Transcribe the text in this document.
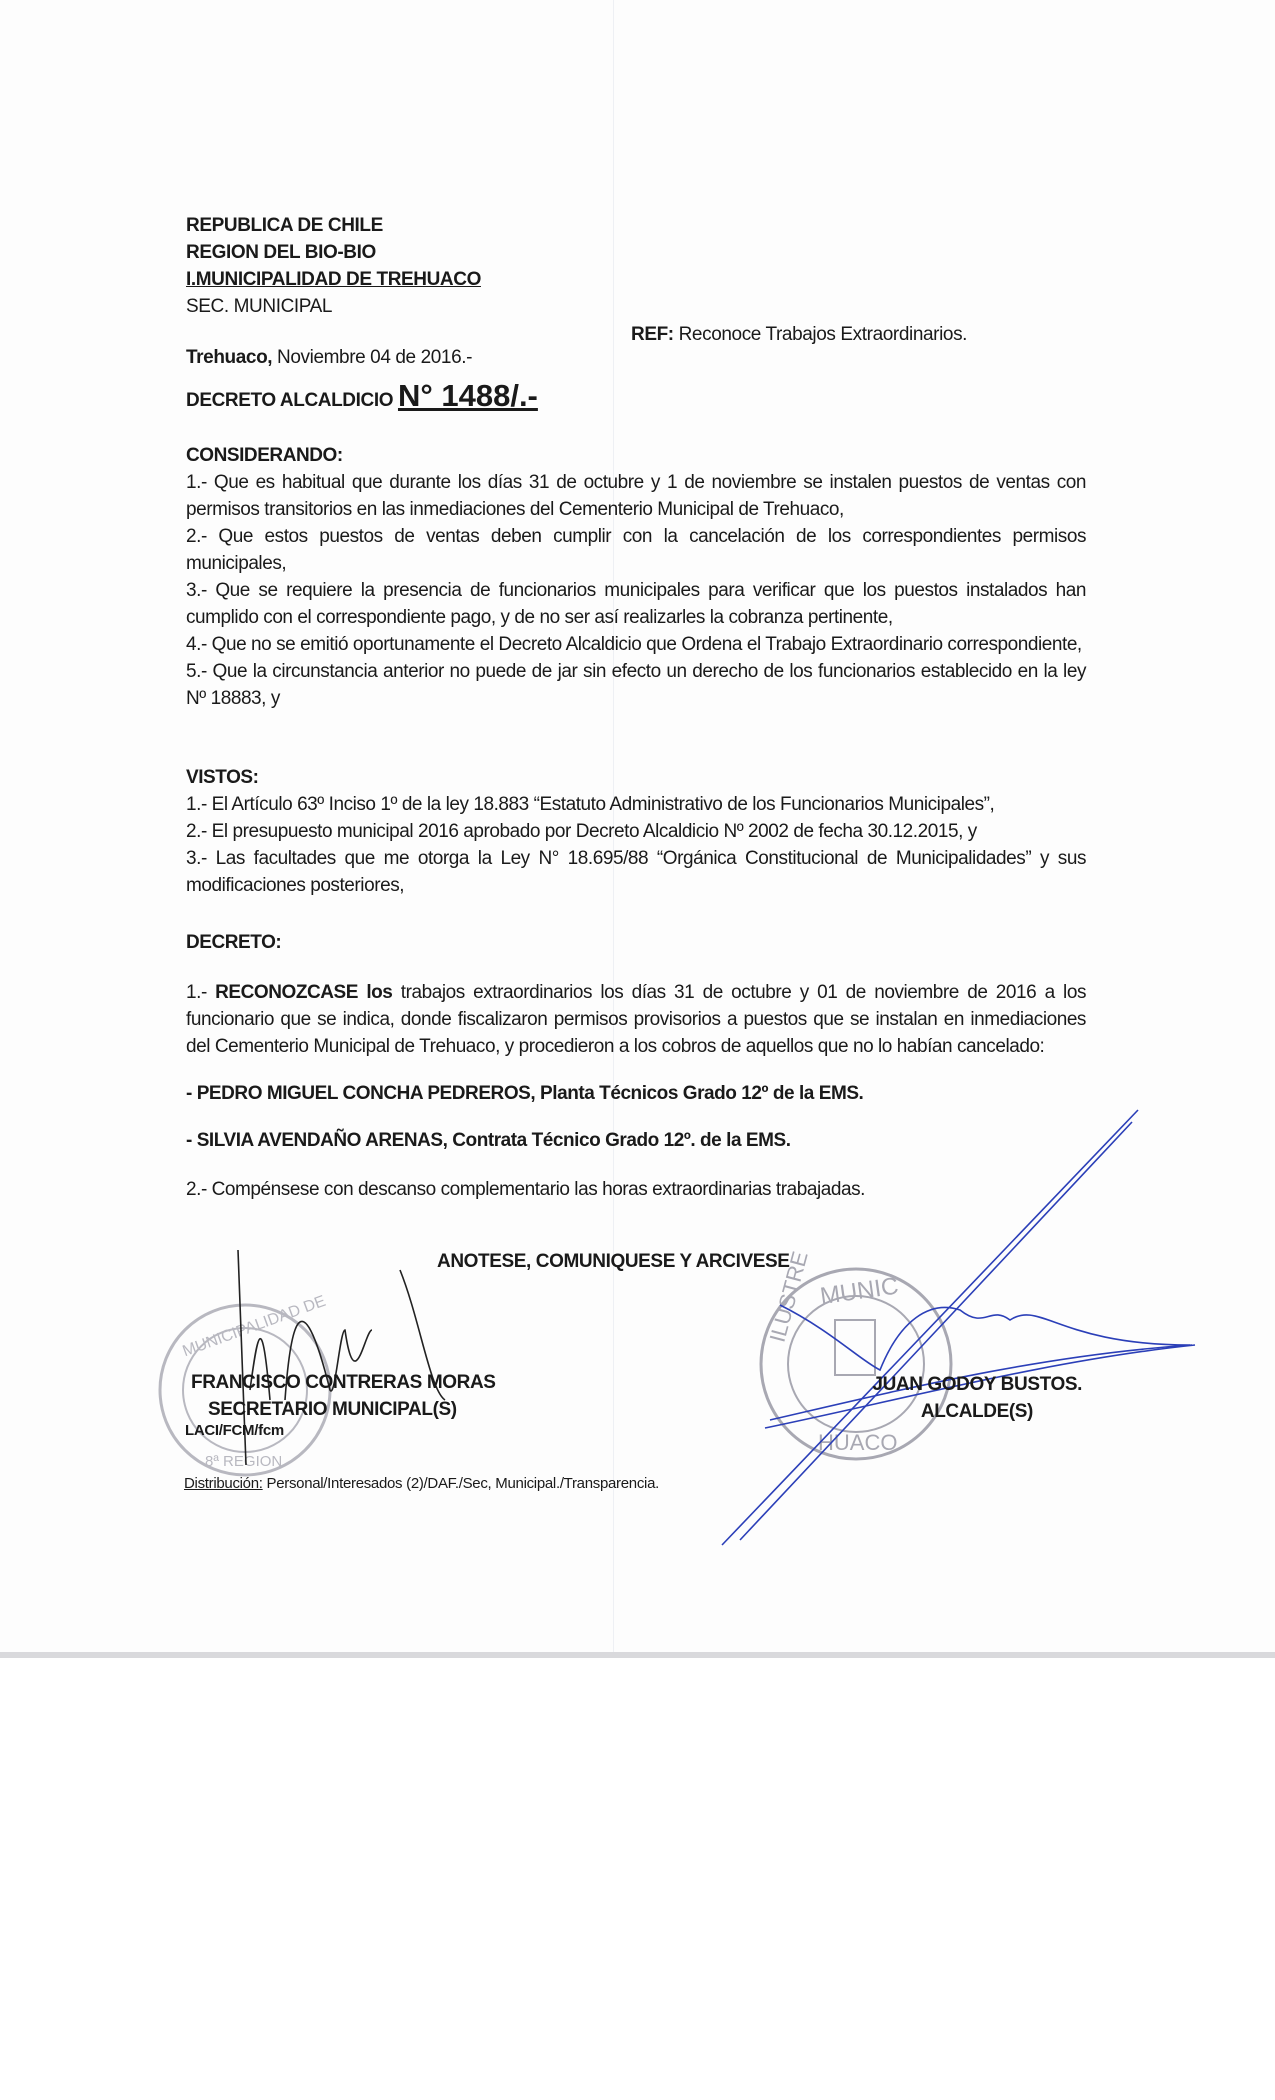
REPUBLICA DE CHILE
REGION DEL BIO-BIO
I.MUNICIPALIDAD DE TREHUACO
SEC. MUNICIPAL
REF: Reconoce Trabajos Extraordinarios.
Trehuaco, Noviembre 04 de 2016.-
DECRETO ALCALDICIO N° 1488/.-
CONSIDERANDO:

1.- Que es habitual que durante los días 31 de octubre y 1 de noviembre se instalen puestos de ventas con permisos transitorios en las inmediaciones del Cementerio Municipal de Trehuaco,

2.- Que estos puestos de ventas deben cumplir con la cancelación de los correspondientes permisos municipales,

3.- Que se requiere la presencia de funcionarios municipales para verificar que los puestos instalados han cumplido con el correspondiente pago, y de no ser así realizarles la cobranza pertinente,

4.- Que no se emitió oportunamente el Decreto Alcaldicio que Ordena el Trabajo Extraordinario correspondiente,

5.- Que la circunstancia anterior no puede de jar sin efecto un derecho de los funcionarios establecido en la ley Nº 18883, y

VISTOS:

1.- El Artículo 63º Inciso 1º de la ley 18.883 “Estatuto Administrativo de los Funcionarios Municipales”,

2.- El presupuesto municipal 2016 aprobado por Decreto Alcaldicio Nº 2002 de fecha 30.12.2015, y

3.- Las facultades que me otorga la Ley N° 18.695/88 “Orgánica Constitucional de Municipalidades” y sus modificaciones posteriores,

DECRETO:

1.- RECONOZCASE los trabajos extraordinarios los días 31 de octubre y 01 de noviembre de 2016 a los funcionario que se indica, donde fiscalizaron permisos provisorios a puestos que se instalan en inmediaciones del Cementerio Municipal de Trehuaco, y procedieron a los cobros de aquellos que no lo habían cancelado:

- PEDRO MIGUEL CONCHA PEDREROS, Planta Técnicos Grado 12º de la EMS.

- SILVIA AVENDAÑO ARENAS, Contrata Técnico Grado 12º. de la EMS.

2.- Compénsese con descanso complementario las horas extraordinarias trabajadas.

ANOTESE, COMUNIQUESE Y ARCIVESE
MUNICIPALIDAD DE
8ª REGION
MUNIC
HUACO
ILUSTRE
FRANCISCO CONTRERAS MORAS
SECRETARIO MUNICIPAL(S)
LACI/FCM/fcm
JUAN GODOY BUSTOS.
ALCALDE(S)
Distribución: Personal/Interesados (2)/DAF./Sec, Municipal./Transparencia.
